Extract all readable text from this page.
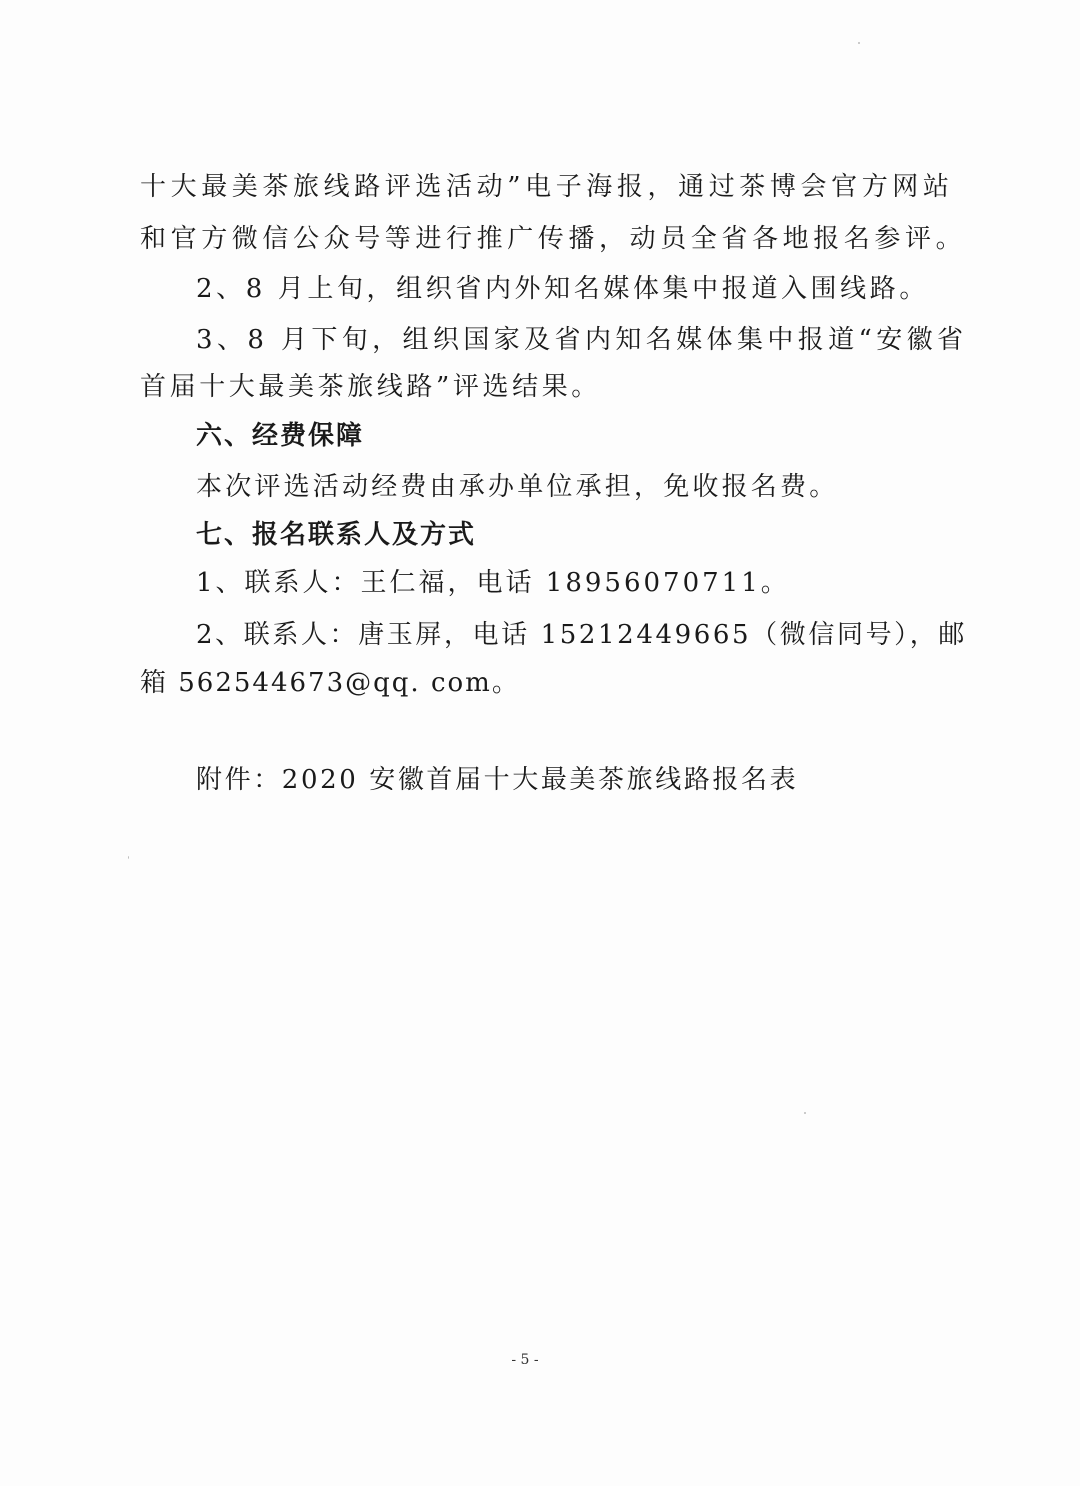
十大最美茶旅线路评选活动”电子海报，通过茶博会官方网站
和官方微信公众号等进行推广传播，动员全省各地报名参评。
2、8 月上旬，组织省内外知名媒体集中报道入围线路。
3、8 月下旬，组织国家及省内知名媒体集中报道“安徽省
首届十大最美茶旅线路”评选结果。
六、经费保障
本次评选活动经费由承办单位承担，免收报名费。
七、报名联系人及方式
1、联系人：王仁福，电话 18956070711。
2、联系人：唐玉屏，电话 15212449665（微信同号），邮
箱 562544673@qq. com。
附件：2020 安徽首届十大最美茶旅线路报名表
- 5 -
